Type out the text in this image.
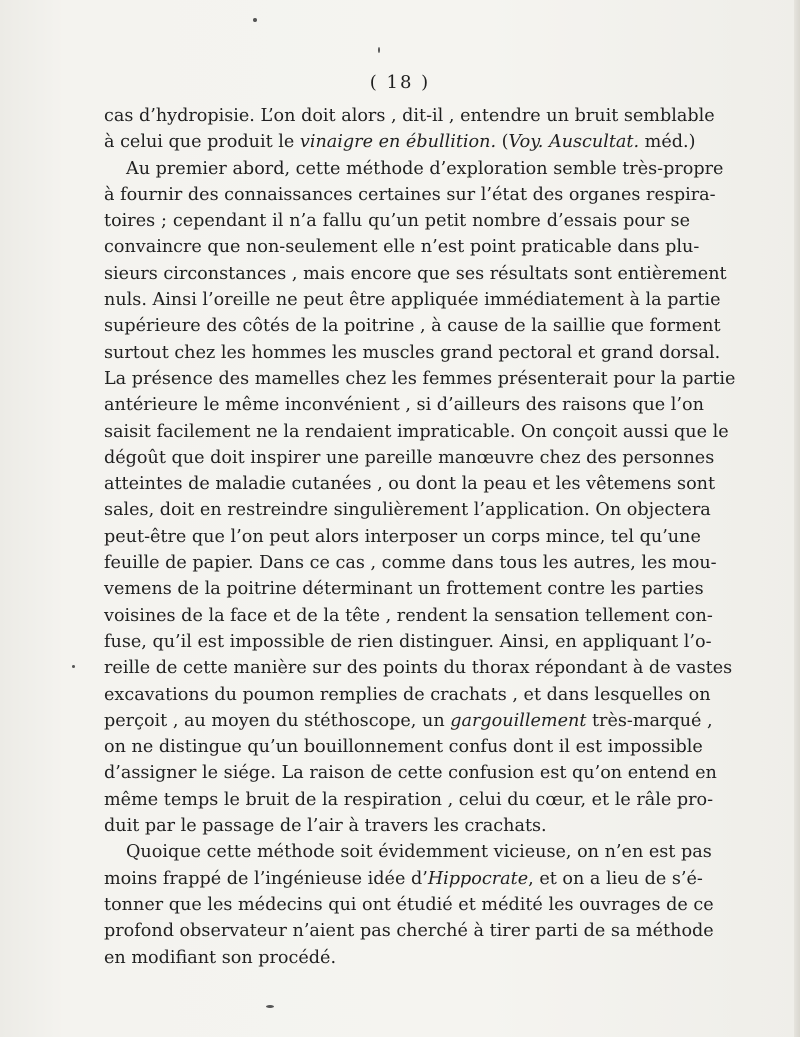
( 18 )
cas d’hydropisie. L’on doit alors , dit-il , entendre un bruit semblable
à celui que produit le vinaigre en ébullition. (Voy. Auscultat. méd.)
Au premier abord, cette méthode d’exploration semble très-propre
à fournir des connaissances certaines sur l’état des organes respira-
toires ; cependant il n’a fallu qu’un petit nombre d’essais pour se
convaincre que non-seulement elle n’est point praticable dans plu-
sieurs circonstances , mais encore que ses résultats sont entièrement
nuls. Ainsi l’oreille ne peut être appliquée immédiatement à la partie
supérieure des côtés de la poitrine , à cause de la saillie que forment
surtout chez les hommes les muscles grand pectoral et grand dorsal.
La présence des mamelles chez les femmes présenterait pour la partie
antérieure le même inconvénient , si d’ailleurs des raisons que l’on
saisit facilement ne la rendaient impraticable. On conçoit aussi que le
dégoût que doit inspirer une pareille manœuvre chez des personnes
atteintes de maladie cutanées , ou dont la peau et les vêtemens sont
sales, doit en restreindre singulièrement l’application. On objectera
peut-être que l’on peut alors interposer un corps mince, tel qu’une
feuille de papier. Dans ce cas , comme dans tous les autres, les mou-
vemens de la poitrine déterminant un frottement contre les parties
voisines de la face et de la tête , rendent la sensation tellement con-
fuse, qu’il est impossible de rien distinguer. Ainsi, en appliquant l’o-
reille de cette manière sur des points du thorax répondant à de vastes
excavations du poumon remplies de crachats , et dans lesquelles on
perçoit , au moyen du stéthoscope, un gargouillement très-marqué ,
on ne distingue qu’un bouillonnement confus dont il est impossible
d’assigner le siége. La raison de cette confusion est qu’on entend en
même temps le bruit de la respiration , celui du cœur, et le râle pro-
duit par le passage de l’air à travers les crachats.
Quoique cette méthode soit évidemment vicieuse, on n’en est pas
moins frappé de l’ingénieuse idée d’Hippocrate, et on a lieu de s’é-
tonner que les médecins qui ont étudié et médité les ouvrages de ce
profond observateur n’aient pas cherché à tirer parti de sa méthode
en modifiant son procédé.
